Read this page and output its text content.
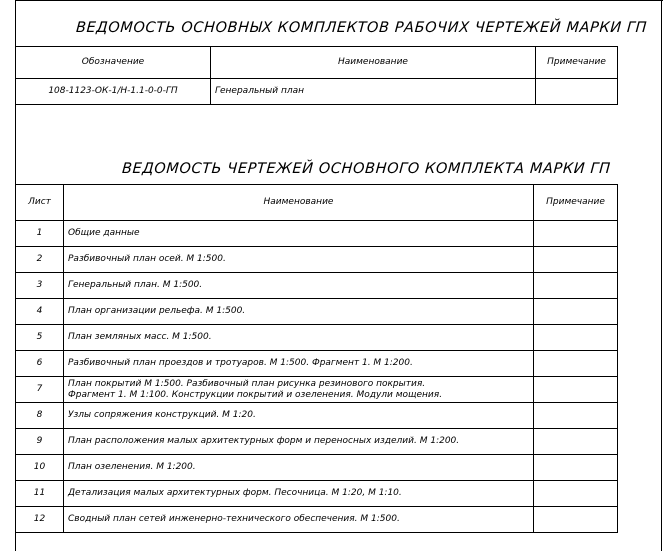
ВЕДОМОСТЬ ОСНОВНЫХ КОМПЛЕКТОВ РАБОЧИХ ЧЕРТЕЖЕЙ МАРКИ ГП
Обозначение	Наименование	Примечание
108-1123-ОК-1/Н-1.1-0-0-ГП	Генеральный план	
ВЕДОМОСТЬ ЧЕРТЕЖЕЙ ОСНОВНОГО КОМПЛЕКТА МАРКИ ГП
Лист	Наименование	Примечание
1	Общие данные	
2	Разбивочный план осей. М 1:500.	
3	Генеральный план. М 1:500.	
4	План организации рельефа. М 1:500.	
5	План земляных масс. М 1:500.	
6	Разбивочный план проездов и тротуаров. М 1:500. Фрагмент 1. М 1:200.	
7	План покрытий М 1:500. Разбивочный план рисунка резинового покрытия.
Фрагмент 1. М 1:100. Конструкции покрытий и озеленения. Модули мощения.	

8	Узлы сопряжения конструкций. М 1:20.	
9	План расположения малых архитектурных форм и переносных изделий. М 1:200.	
10	План озеленения. М 1:200.	
11	Детализация малых архитектурных форм. Песочница. М 1:20, М 1:10.	
12	Сводный план сетей инженерно-технического обеспечения. М 1:500.	
